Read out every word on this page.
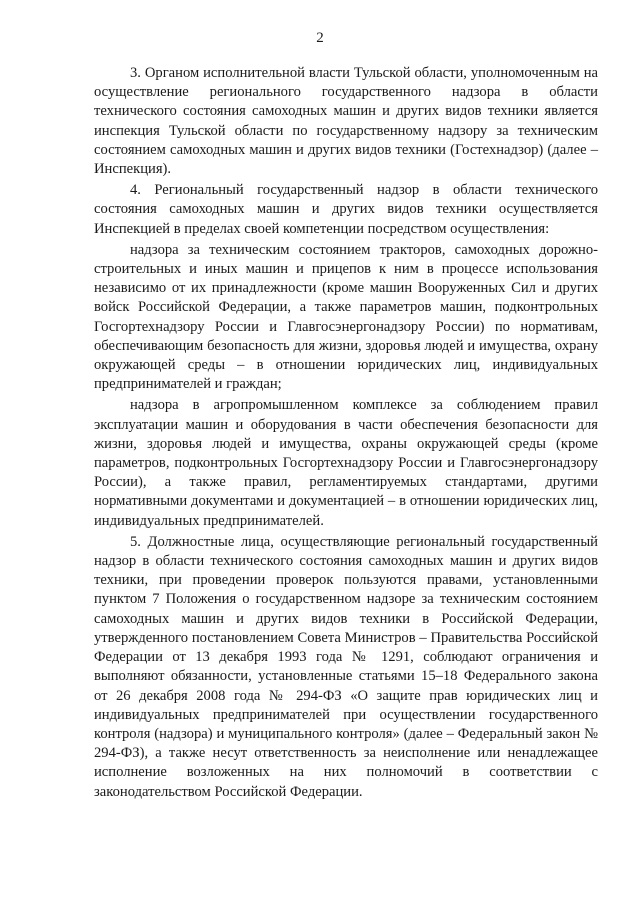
2

3. Органом исполнительной власти Тульской области, уполномоченным на осуществление регионального государственного надзора в области технического состояния самоходных машин и других видов техники является инспекция Тульской области по государственному надзору за техническим состоянием самоходных машин и других видов техники (Гостехнадзор) (далее – Инспекция).

4. Региональный государственный надзор в области технического состояния самоходных машин и других видов техники осуществляется Инспекцией в пределах своей компетенции посредством осуществления:

надзора за техническим состоянием тракторов, самоходных дорожно-строительных и иных машин и прицепов к ним в процессе использования независимо от их принадлежности (кроме машин Вооруженных Сил и других войск Российской Федерации, а также параметров машин, подконтрольных Госгортехнадзору России и Главгосэнергонадзору России) по нормативам, обеспечивающим безопасность для жизни, здоровья людей и имущества, охрану окружающей среды – в отношении юридических лиц, индивидуальных предпринимателей и граждан;

надзора в агропромышленном комплексе за соблюдением правил эксплуатации машин и оборудования в части обеспечения безопасности для жизни, здоровья людей и имущества, охраны окружающей среды (кроме параметров, подконтрольных Госгортехнадзору России и Главгосэнергонадзору России), а также правил, регламентируемых стандартами, другими нормативными документами и документацией – в отношении юридических лиц, индивидуальных предпринимателей.

5. Должностные лица, осуществляющие региональный государственный надзор в области технического состояния самоходных машин и других видов техники, при проведении проверок пользуются правами, установленными пунктом 7 Положения о государственном надзоре за техническим состоянием самоходных машин и других видов техники в Российской Федерации, утвержденного постановлением Совета Министров – Правительства Российской Федерации от 13 декабря 1993 года № 1291, соблюдают ограничения и выполняют обязанности, установленные статьями 15–18 Федерального закона от 26 декабря 2008 года № 294-ФЗ «О защите прав юридических лиц и индивидуальных предпринимателей при осуществлении государственного контроля (надзора) и муниципального контроля» (далее – Федеральный закон № 294-ФЗ), а также несут ответственность за неисполнение или ненадлежащее исполнение возложенных на них полномочий в соответствии с законодательством Российской Федерации.
